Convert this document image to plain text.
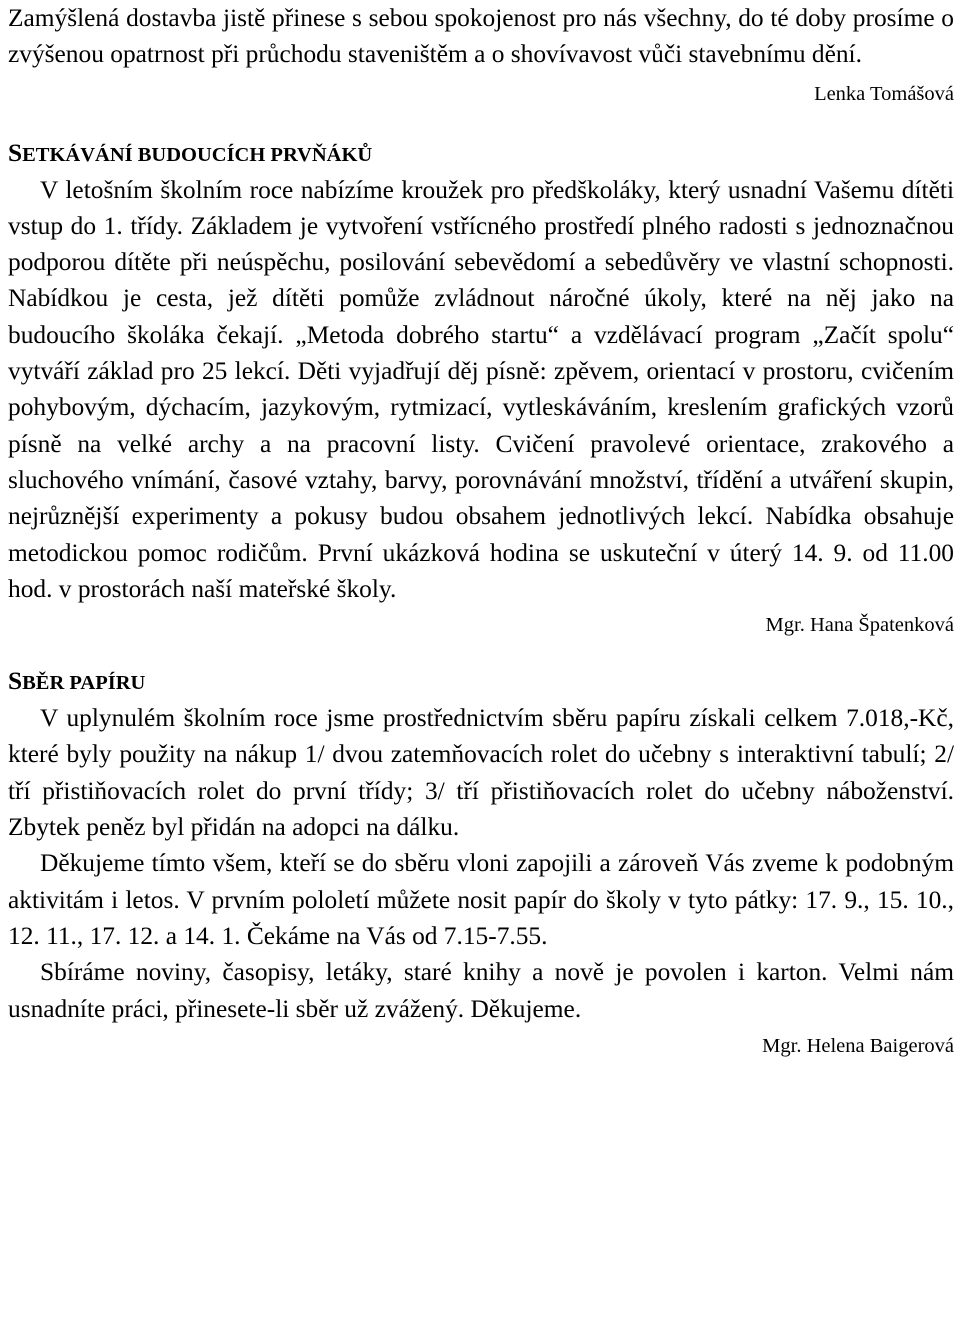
Zamýšlená dostavba jistě přinese s sebou spokojenost pro nás všechny, do té doby prosíme o zvýšenou opatrnost při průchodu staveništěm a o shovívavost vůči stavebnímu dění.

Lenka Tomášová

SETKÁVÁNÍ BUDOUCÍCH PRVŇÁKŮ

V letošním školním roce nabízíme kroužek pro předškoláky, který usnadní Vašemu dítěti vstup do 1. třídy. Základem je vytvoření vstřícného prostředí plného radosti s jednoznačnou podporou dítěte při neúspěchu, posilování sebevědomí a sebedůvěry ve vlastní schopnosti. Nabídkou je cesta, jež dítěti pomůže zvládnout náročné úkoly, které na něj jako na budoucího školáka čekají. „Metoda dobrého startu“ a vzdělávací program „Začít spolu“ vytváří základ pro 25 lekcí. Děti vyjadřují děj písně: zpěvem, orientací v prostoru, cvičením pohybovým, dýchacím, jazykovým, rytmizací, vytleskáváním, kreslením grafických vzorů písně na velké archy a na pracovní listy. Cvičení pravolevé orientace, zrakového a sluchového vnímání, časové vztahy, barvy, porovnávání množství, třídění a utváření skupin, nejrůznější experimenty a pokusy budou obsahem jednotlivých lekcí. Nabídka obsahuje metodickou pomoc rodičům. První ukázková hodina se uskuteční v úterý 14. 9. od 11.00 hod. v prostorách naší mateřské školy.

Mgr. Hana Špatenková

SBĚR PAPÍRU

V uplynulém školním roce jsme prostřednictvím sběru papíru získali celkem 7.018,-Kč, které byly použity na nákup 1/ dvou zatemňovacích rolet do učebny s interaktivní tabulí; 2/ tří přistiňovacích rolet do první třídy; 3/ tří přistiňovacích rolet do učebny náboženství. Zbytek peněz byl přidán na adopci na dálku.

Děkujeme tímto všem, kteří se do sběru vloni zapojili a zároveň Vás zveme k podobným aktivitám i letos. V prvním pololetí můžete nosit papír do školy v tyto pátky: 17. 9., 15. 10., 12. 11., 17. 12. a 14. 1. Čekáme na Vás od 7.15-7.55.

Sbíráme noviny, časopisy, letáky, staré knihy a nově je povolen i karton. Velmi nám usnadníte práci, přinesete-li sběr už zvážený. Děkujeme.

Mgr. Helena Baigerová
